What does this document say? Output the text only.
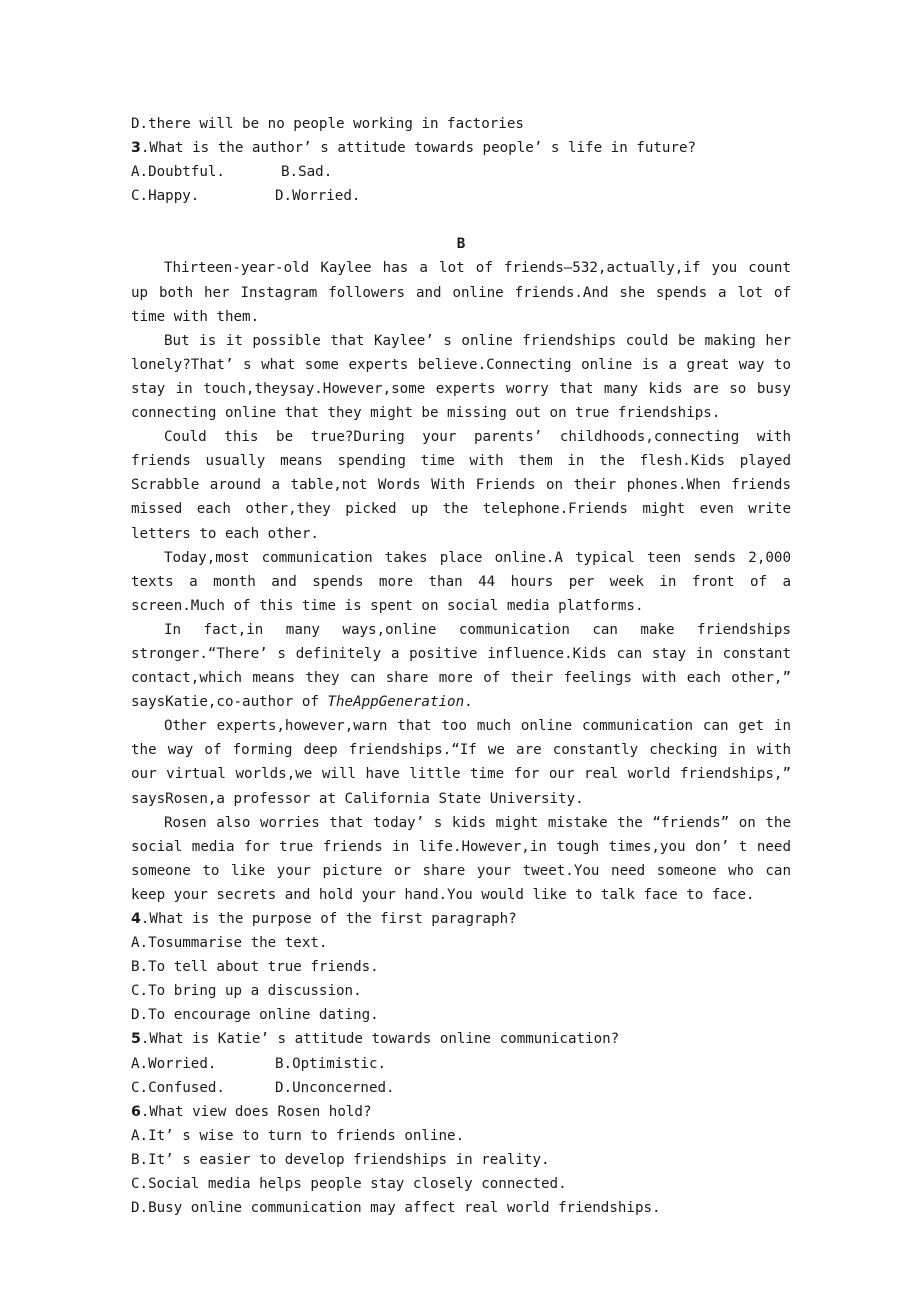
D.there will be no people working in factories
3.What is the author’ s attitude towards people’ s life in future?
A.Doubtful.	B.Sad.
C.Happy.	D.Worried.
B

Thirteen-year-old Kaylee has a lot of friends—532,actually,if you count up both her Instagram followers and online friends.And she spends a lot of time with them.

But is it possible that Kaylee’ s online friendships could be making her lonely?That’ s what some experts believe.Connecting online is a great way to stay in touch,theysay.However,some experts worry that many kids are so busy connecting online that they might be missing out on true friendships.

Could this be true?During your parents’ childhoods,connecting with friends usually means spending time with them in the flesh.Kids played Scrabble around a table,not Words With Friends on their phones.When friends missed each other,they picked up the telephone.Friends might even write letters to each other.

Today,most communication takes place online.A typical teen sends 2,000 texts a month and spends more than 44 hours per week in front of a screen.Much of this time is spent on social media platforms.

In fact,in many ways,online communication can make friendships stronger.“There’ s definitely a positive influence.Kids can stay in constant contact,which means they can share more of their feelings with each other,” saysKatie,co-author of TheAppGeneration.

Other experts,however,warn that too much online communication can get in the way of forming deep friendships.“If we are constantly checking in with our virtual worlds,we will have little time for our real world friendships,” saysRosen,a professor at California State University.

Rosen also worries that today’ s kids might mistake the “friends” on the social media for true friends in life.However,in tough times,you don’ t need someone to like your picture or share your tweet.You need someone who can keep your secrets and hold your hand.You would like to talk face to face.

4.What is the purpose of the first paragraph?
A.Tosummarise the text.
B.To tell about true friends.
C.To bring up a discussion.
D.To encourage online dating.
5.What is Katie’ s attitude towards online communication?
A.Worried.	B.Optimistic.
C.Confused.	D.Unconcerned.
6.What view does Rosen hold?
A.It’ s wise to turn to friends online.
B.It’ s easier to develop friendships in reality.
C.Social media helps people stay closely connected.
D.Busy online communication may affect real world friendships.
